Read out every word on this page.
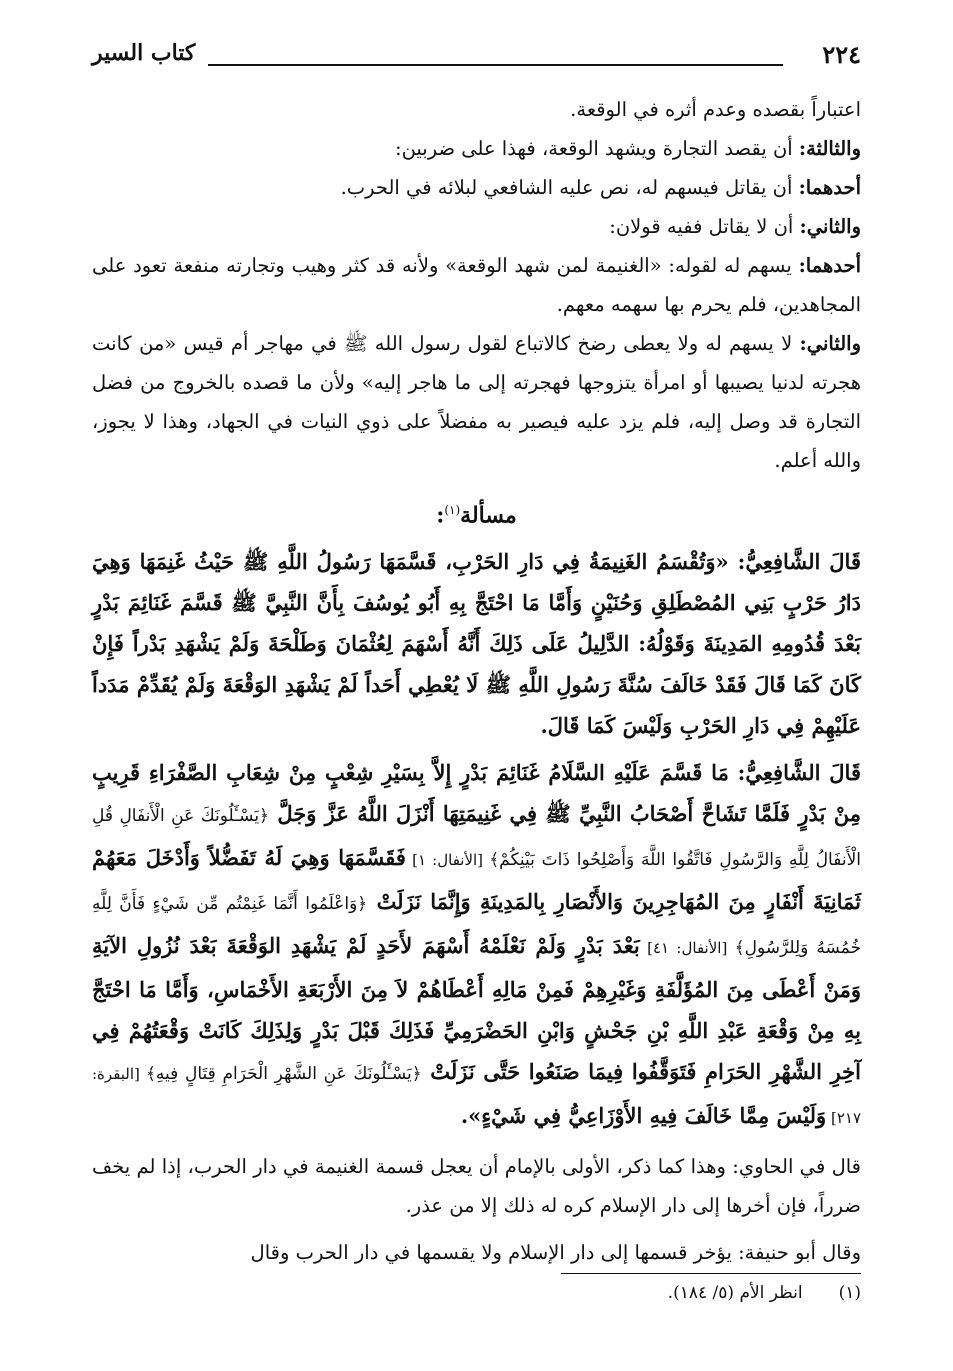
٢٢٤
كتاب السير

اعتباراً بقصده وعدم أثره في الوقعة.

والثالثة: أن يقصد التجارة ويشهد الوقعة، فهذا على ضربين:

أحدهما: أن يقاتل فيسهم له، نص عليه الشافعي لبلائه في الحرب.

والثاني: أن لا يقاتل ففيه قولان:

أحدهما: يسهم له لقوله: «الغنيمة لمن شهد الوقعة» ولأنه قد كثر وهيب وتجارته منفعة تعود على المجاهدين، فلم يحرم بها سهمه معهم.

والثاني: لا يسهم له ولا يعطى رضخ كالاتباع لقول رسول الله ﷺ في مهاجر أم قيس «من كانت هجرته لدنيا يصيبها أو امرأة يتزوجها فهجرته إلى ما هاجر إليه» ولأن ما قصده بالخروج من فضل التجارة قد وصل إليه، فلم يزد عليه فيصير به مفضلاً على ذوي النيات في الجهاد، وهذا لا يجوز، والله أعلم.

مسألة$^{(١)}$:

قَالَ الشَّافِعِيُّ: «وَتُقْسَمُ الغَنِيمَةُ فِي دَارِ الحَرْبِ، قَسَّمَهَا رَسُولُ اللَّهِ ﷺ حَيْثُ غَنِمَهَا وَهِيَ دَارُ حَرْبٍ بَنِي المُصْطَلِقِ وَحُنَيْنٍ وَأَمَّا مَا احْتَجَّ بِهِ أَبُو يُوسُفَ بِأَنَّ النَّبِيَّ ﷺ قَسَّمَ غَنَائِمَ بَدْرٍ بَعْدَ قُدُومِهِ المَدِينَةَ وَقَوْلُهُ: الدَّلِيلُ عَلَى ذَلِكَ أَنَّهُ أَسْهَمَ لِعُثْمَانَ وَطَلْحَةَ وَلَمْ يَشْهَدِ بَدْراً فَإِنْ كَانَ كَمَا قَالَ فَقَدْ خَالَفَ سُنَّةَ رَسُولِ اللَّهِ ﷺ لَا يُعْطِي أَحَداً لَمْ يَشْهَدِ الوَقْعَةَ وَلَمْ يُقَدِّمْ مَدَداً عَلَيْهِمْ فِي دَارِ الحَرْبِ وَلَيْسَ كَمَا قَالَ.

قَالَ الشَّافِعِيُّ: مَا قَسَّمَ عَلَيْهِ السَّلَامُ غَنَائِمَ بَدْرٍ إِلاَّ بِسَيْرِ شِعْبٍ مِنْ شِعَابِ الصَّفْرَاءِ قَرِيبٍ مِنْ بَدْرٍ فَلَمَّا تَشَاحَّ أَصْحَابُ النَّبِيِّ ﷺ فِي غَنِيمَتِهَا أَنْزَلَ اللَّهُ عَزَّ وَجَلَّ ﴿يَسْـَٔلُونَكَ عَنِ الْأَنفَالِ قُلِ الْأَنفَالُ لِلَّهِ وَالرَّسُولِ فَاتَّقُوا اللَّهَ وَأَصْلِحُوا ذَاتَ بَيْنِكُمْ﴾ [الأنفال: ١] فَقَسَّمَهَا وَهِيَ لَهُ تَفَضُّلاً وَأَدْخَلَ مَعَهُمْ ثَمَانِيَةَ أَنْفَارٍ مِنَ المُهَاجِرِينَ وَالأَنْصَارِ بِالمَدِينَةِ وَإِنَّمَا نَزَلَتْ ﴿وَاعْلَمُوا أَنَّمَا غَنِمْتُم مِّن شَيْءٍ فَأَنَّ لِلَّهِ خُمُسَهُ وَلِلرَّسُولِ﴾ [الأنفال: ٤١] بَعْدَ بَدْرٍ وَلَمْ نَعْلَمْهُ أَسْهَمَ لأَحَدٍ لَمْ يَشْهَدِ الوَقْعَةَ بَعْدَ نُزُولِ الآيَةِ وَمَنْ أَعْطَى مِنَ المُؤَلَّفَةِ وَغَيْرِهِمْ فَمِنْ مَالِهِ أَعْطَاهُمْ لاَ مِنَ الأَرْبَعَةِ الأَخْمَاسِ، وَأَمَّا مَا احْتَجَّ بِهِ مِنْ وَقْعَةِ عَبْدِ اللَّهِ بْنِ جَحْشٍ وَابْنِ الحَضْرَمِيِّ فَذَلِكَ قَبْلَ بَدْرٍ وَلِذَلِكَ كَانَتْ وَقْعَتُهُمْ فِي آخِرِ الشَّهْرِ الحَرَامِ فَتَوَقَّفُوا فِيمَا صَنَعُوا حَتَّى نَزَلَتْ ﴿يَسْـَٔلُونَكَ عَنِ الشَّهْرِ الْحَرَامِ قِتَالٍ فِيهِ﴾ [البقرة: ٢١٧] وَلَيْسَ مِمَّا خَالَفَ فِيهِ الأَوْزَاعِيُّ فِي شَيْءٍ».

قال في الحاوي: وهذا كما ذكر، الأولى بالإمام أن يعجل قسمة الغنيمة في دار الحرب، إذا لم يخف ضرراً، فإن أخرها إلى دار الإسلام كره له ذلك إلا من عذر.

وقال أبو حنيفة: يؤخر قسمها إلى دار الإسلام ولا يقسمها في دار الحرب وقال

(١)انظر الأم (٥/ ١٨٤).
